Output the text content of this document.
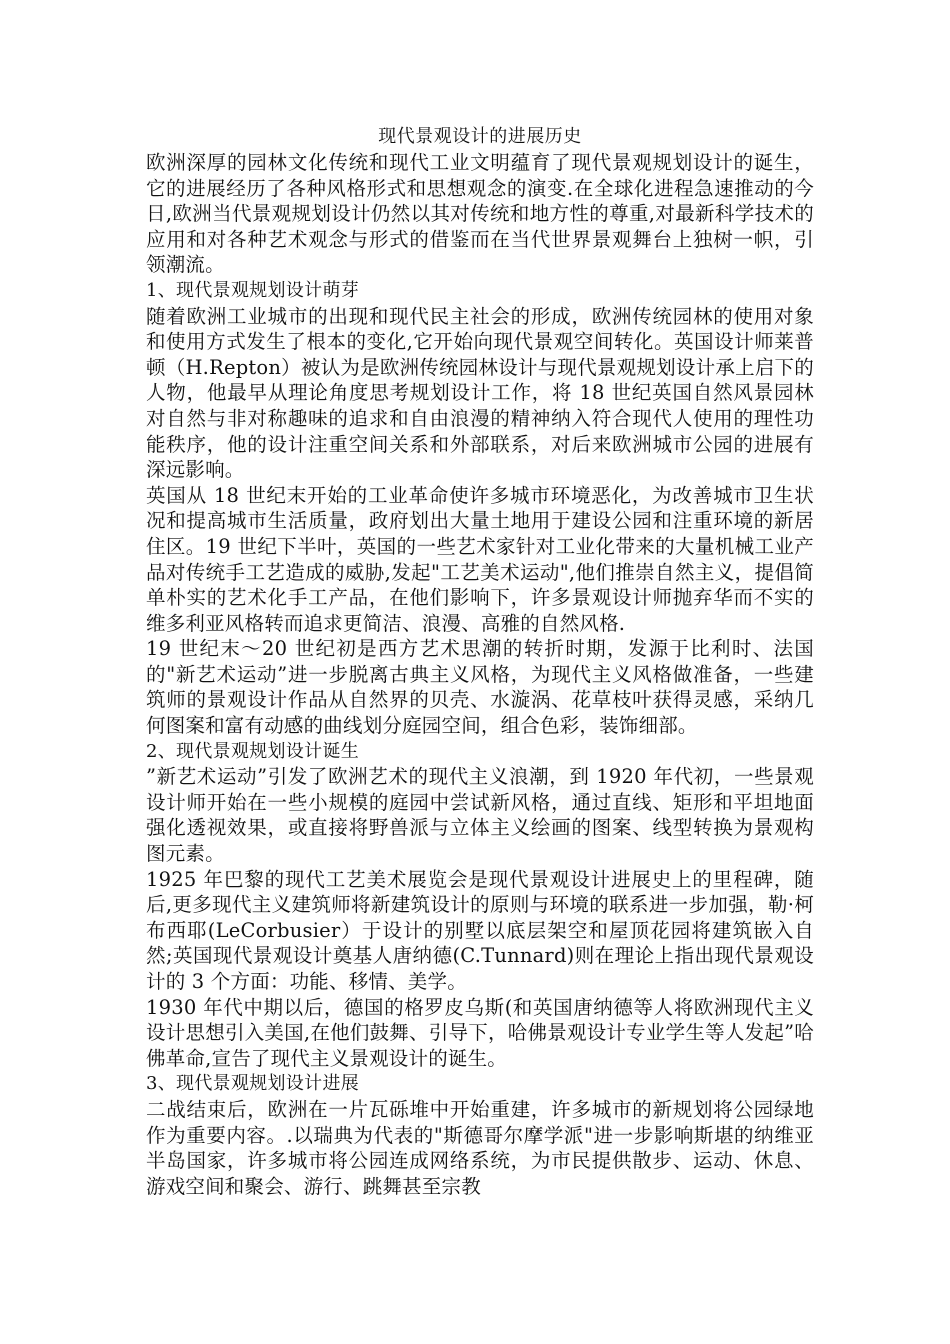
现代景观设计的进展历史

欧洲深厚的园林文化传统和现代工业文明蕴育了现代景观规划设计的诞生，它的进展经历了各种风格形式和思想观念的演变.在全球化进程急速推动的今日,欧洲当代景观规划设计仍然以其对传统和地方性的尊重,对最新科学技术的应用和对各种艺术观念与形式的借鉴而在当代世界景观舞台上独树一帜，引领潮流。

1、现代景观规划设计萌芽

随着欧洲工业城市的出现和现代民主社会的形成，欧洲传统园林的使用对象和使用方式发生了根本的变化,它开始向现代景观空间转化。英国设计师莱普顿（H.Repton）被认为是欧洲传统园林设计与现代景观规划设计承上启下的人物，他最早从理论角度思考规划设计工作，将 18 世纪英国自然风景园林对自然与非对称趣味的追求和自由浪漫的精神纳入符合现代人使用的理性功能秩序，他的设计注重空间关系和外部联系，对后来欧洲城市公园的进展有深远影响。

英国从 18 世纪末开始的工业革命使许多城市环境恶化，为改善城市卫生状况和提高城市生活质量，政府划出大量土地用于建设公园和注重环境的新居住区。19 世纪下半叶，英国的一些艺术家针对工业化带来的大量机械工业产品对传统手工艺造成的威胁,发起"工艺美术运动",他们推崇自然主义，提倡简单朴实的艺术化手工产品，在他们影响下，许多景观设计师抛弃华而不实的维多利亚风格转而追求更简洁、浪漫、高雅的自然风格.

19 世纪末～20 世纪初是西方艺术思潮的转折时期，发源于比利时、法国的"新艺术运动”进一步脱离古典主义风格，为现代主义风格做准备，一些建筑师的景观设计作品从自然界的贝壳、水漩涡、花草枝叶获得灵感，采纳几何图案和富有动感的曲线划分庭园空间，组合色彩，装饰细部。

2、现代景观规划设计诞生

”新艺术运动”引发了欧洲艺术的现代主义浪潮，到 1920 年代初，一些景观设计师开始在一些小规模的庭园中尝试新风格，通过直线、矩形和平坦地面强化透视效果，或直接将野兽派与立体主义绘画的图案、线型转换为景观构图元素。

1925 年巴黎的现代工艺美术展览会是现代景观设计进展史上的里程碑，随后,更多现代主义建筑师将新建筑设计的原则与环境的联系进一步加强，勒·柯布西耶(LeCorbusier）于设计的别墅以底层架空和屋顶花园将建筑嵌入自然;英国现代景观设计奠基人唐纳德(C.Tunnard)则在理论上指出现代景观设计的 3 个方面：功能、移情、美学。

1930 年代中期以后，德国的格罗皮乌斯(和英国唐纳德等人将欧洲现代主义设计思想引入美国,在他们鼓舞、引导下，哈佛景观设计专业学生等人发起”哈佛革命,宣告了现代主义景观设计的诞生。

3、现代景观规划设计进展

二战结束后，欧洲在一片瓦砾堆中开始重建，许多城市的新规划将公园绿地作为重要内容。.以瑞典为代表的"斯德哥尔摩学派"进一步影响斯堪的纳维亚半岛国家，许多城市将公园连成网络系统，为市民提供散步、运动、休息、游戏空间和聚会、游行、跳舞甚至宗教
